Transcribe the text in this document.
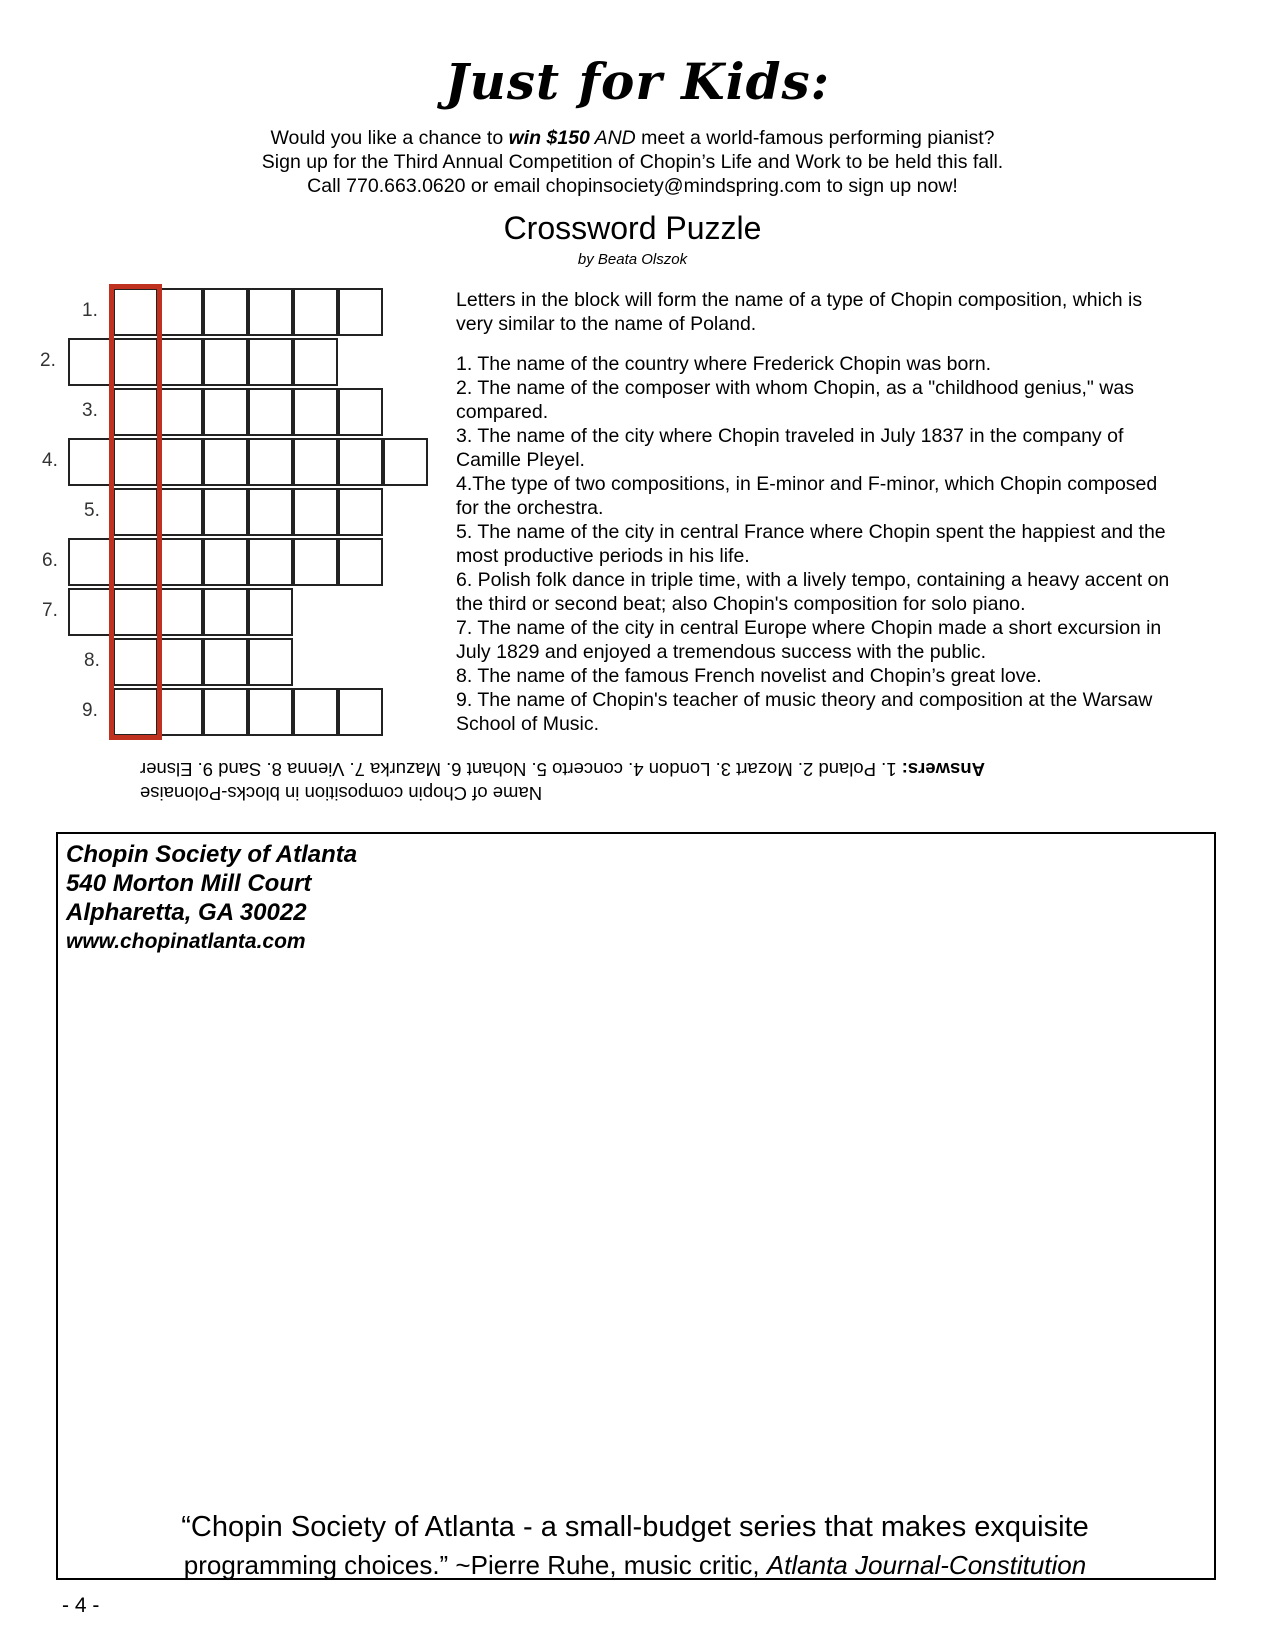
Just for Kids:
Would you like a chance to win $150 AND meet a world-famous performing pianist?
Sign up for the Third Annual Competition of Chopin’s Life and Work to be held this fall.
Call 770.663.0620 or email chopinsociety@mindspring.com to sign up now!
Crossword Puzzle
by Beata Olszok
1.
2.
3.
4.
5.
6.
7.
8.
9.

Letters in the block will form the name of a type of Chopin composition, which is very similar to the name of Poland.

1. The name of the country where Frederick Chopin was born.

2. The name of the composer with whom Chopin, as a "childhood genius," was compared.

3. The name of the city where Chopin traveled in July 1837 in the company of Camille Pleyel.

4.The type of two compositions, in E-minor and F-minor, which Chopin composed for the orchestra.

5. The name of the city in central France where Chopin spent the happiest and the most productive periods in his life.

6. Polish folk dance in triple time, with a lively tempo, containing a heavy accent on the third or second beat; also Chopin's composition for solo piano.

7. The name of the city in central Europe where Chopin made a short excursion in July 1829 and enjoyed a tremendous success with the public.

8. The name of the famous French novelist and Chopin’s great love.

9. The name of Chopin's teacher of music theory and composition at the Warsaw School of Music.

Name of Chopin composition in blocks-Polonaise
Answers: 1. Poland 2. Mozart 3. London 4. concerto 5. Nohant 6. Mazurka 7. Vienna 8. Sand 9. Elsner
Chopin Society of Atlanta
540 Morton Mill Court
Alpharetta, GA 30022
www.chopinatlanta.com
“Chopin Society of Atlanta - a small-budget series that makes exquisite
programming choices.” ~Pierre Ruhe, music critic, Atlanta Journal-Constitution
- 4 -
